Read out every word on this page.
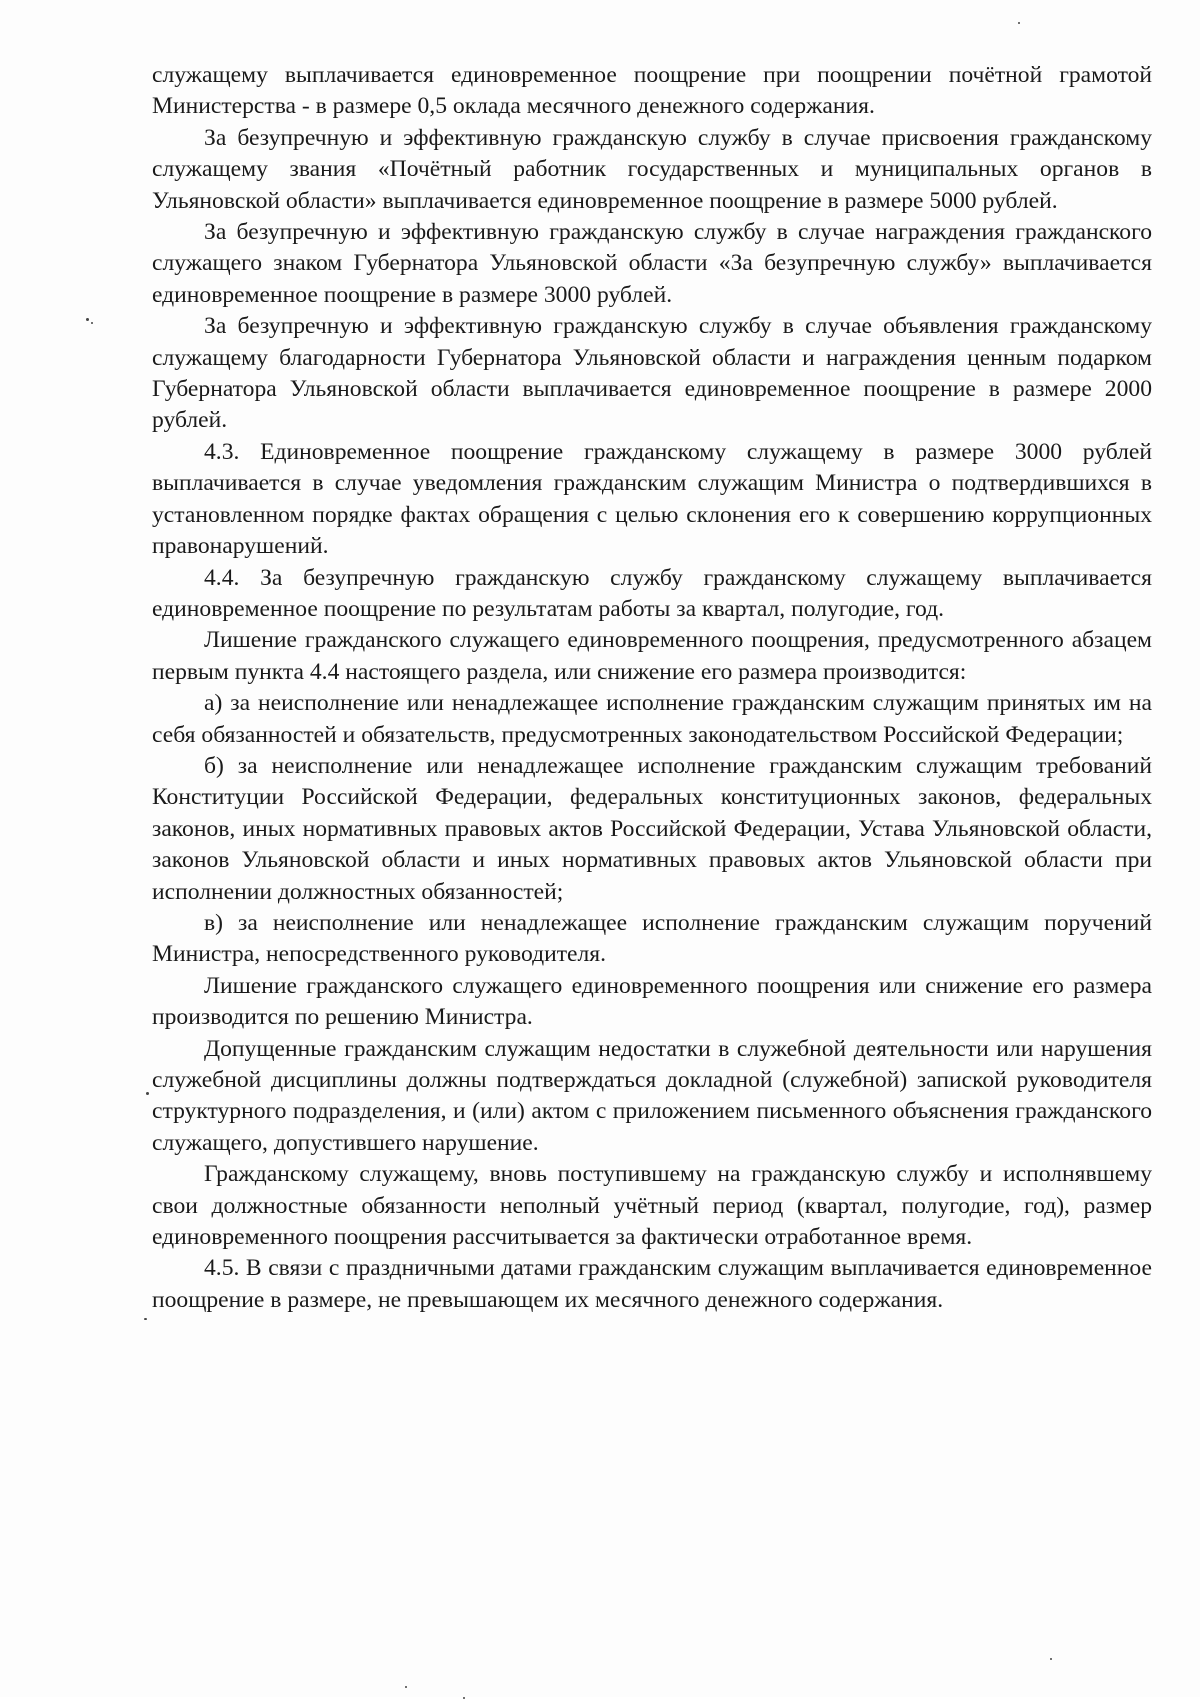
служащему выплачивается единовременное поощрение при поощрении почётной грамотой Министерства - в размере 0,5 оклада месячного денежного содержания.

За безупречную и эффективную гражданскую службу в случае присвоения гражданскому служащему звания «Почётный работник государственных и муниципальных органов в Ульяновской области» выплачивается единовременное поощрение в размере 5000 рублей.

За безупречную и эффективную гражданскую службу в случае награждения гражданского служащего знаком Губернатора Ульяновской области «За безупречную службу» выплачивается единовременное поощрение в размере 3000 рублей.

За безупречную и эффективную гражданскую службу в случае объявления гражданскому служащему благодарности Губернатора Ульяновской области и награждения ценным подарком Губернатора Ульяновской области выплачивается единовременное поощрение в размере 2000 рублей.

4.3. Единовременное поощрение гражданскому служащему в размере 3000 рублей выплачивается в случае уведомления гражданским служащим Министра о подтвердившихся в установленном порядке фактах обращения с целью склонения его к совершению коррупционных правонарушений.

4.4. За безупречную гражданскую службу гражданскому служащему выплачивается единовременное поощрение по результатам работы за квартал, полугодие, год.

Лишение гражданского служащего единовременного поощрения, предусмотренного абзацем первым пункта 4.4 настоящего раздела, или снижение его размера производится:

а) за неисполнение или ненадлежащее исполнение гражданским служащим принятых им на себя обязанностей и обязательств, предусмотренных законодательством Российской Федерации;

б) за неисполнение или ненадлежащее исполнение гражданским служащим требований Конституции Российской Федерации, федеральных конституционных законов, федеральных законов, иных нормативных правовых актов Российской Федерации, Устава Ульяновской области, законов Ульяновской области и иных нормативных правовых актов Ульяновской области при исполнении должностных обязанностей;

в) за неисполнение или ненадлежащее исполнение гражданским служащим поручений Министра, непосредственного руководителя.

Лишение гражданского служащего единовременного поощрения или снижение его размера производится по решению Министра.

Допущенные гражданским служащим недостатки в служебной деятельности или нарушения служебной дисциплины должны подтверждаться докладной (служебной) запиской руководителя структурного подразделения, и (или) актом с приложением письменного объяснения гражданского служащего, допустившего нарушение.

Гражданскому служащему, вновь поступившему на гражданскую службу и исполнявшему свои должностные обязанности неполный учётный период (квартал, полугодие, год), размер единовременного поощрения рассчитывается за фактически отработанное время.

4.5. В связи с праздничными датами гражданским служащим выплачивается единовременное поощрение в размере, не превышающем их месячного денежного содержания.
